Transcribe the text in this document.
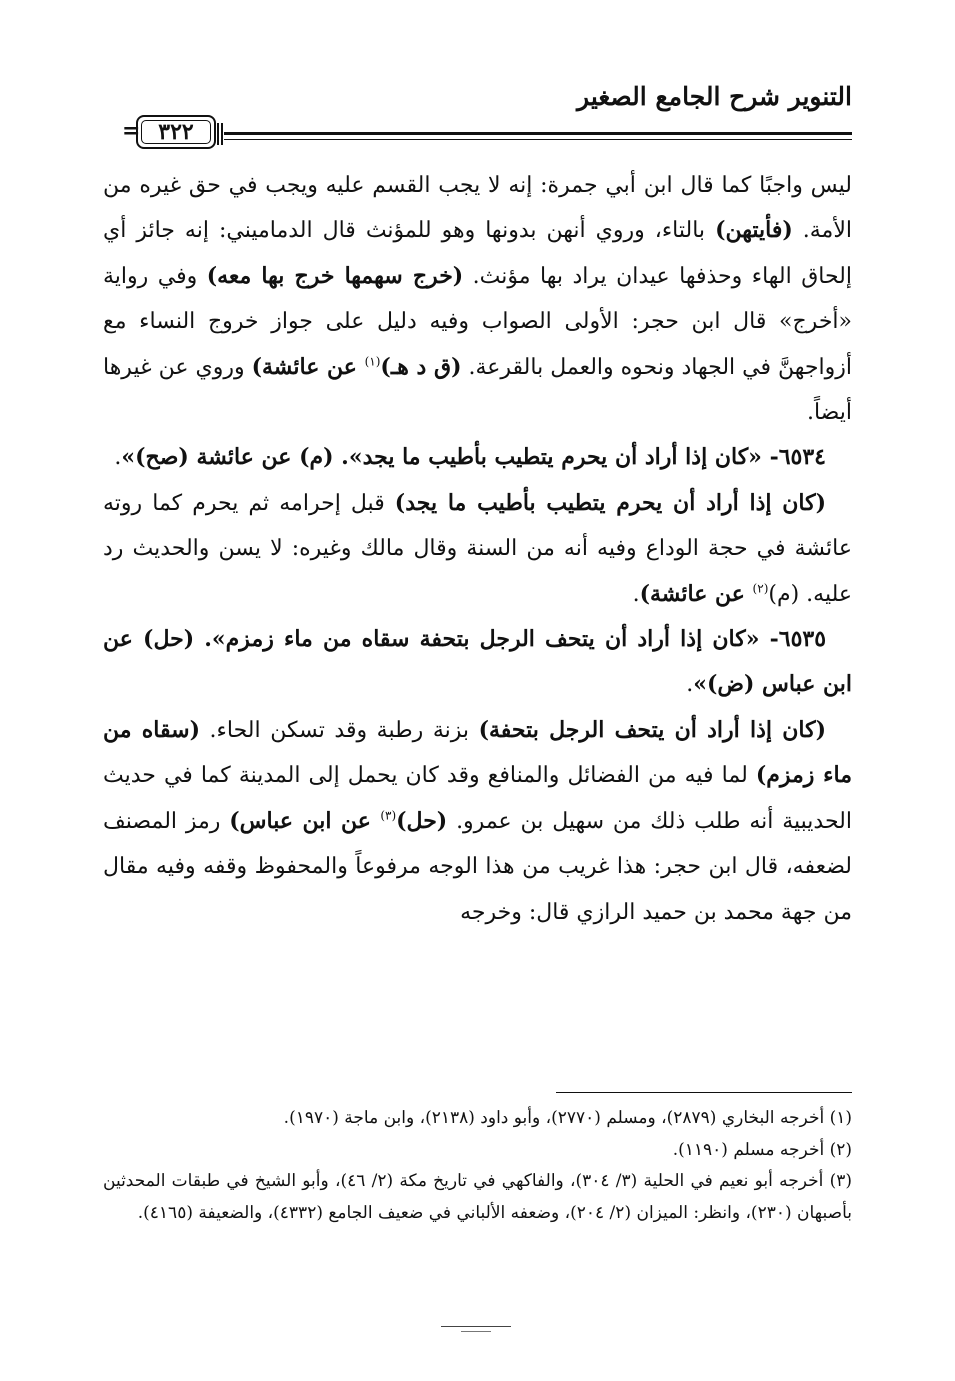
التنوير شرح الجامع الصغير
٣٢٢
=

ليس واجبًا كما قال ابن أبي جمرة: إنه لا يجب القسم عليه ويجب في حق غيره من الأمة. (فأيتهن) بالتاء، وروي أنهن بدونها وهو للمؤنث قال الدماميني: إنه جائز أي إلحاق الهاء وحذفها عيدان يراد بها مؤنث. (خرج سهمها خرج بها معه) وفي رواية «أخرج» قال ابن حجر: الأولى الصواب وفيه دليل على جواز خروج النساء مع أزواجهنَّ في الجهاد ونحوه والعمل بالقرعة. (ق د هـ)$^{(١)}$ عن عائشة) وروي عن غيرها أيضاً.

٦٥٣٤- «كان إذا أراد أن يحرم يتطيب بأطيب ما يجد». (م) عن عائشة (صح)».

(كان إذا أراد أن يحرم يتطيب بأطيب ما يجد) قبل إحرامه ثم يحرم كما روته عائشة في حجة الوداع وفيه أنه من السنة وقال مالك وغيره: لا يسن والحديث رد عليه. (م)$^{(٢)}$ عن عائشة).

٦٥٣٥- «كان إذا أراد أن يتحف الرجل بتحفة سقاه من ماء زمزم». (حل) عن ابن عباس (ض)».

(كان إذا أراد أن يتحف الرجل بتحفة) بزنة رطبة وقد تسكن الحاء. (سقاه من ماء زمزم) لما فيه من الفضائل والمنافع وقد كان يحمل إلى المدينة كما في حديث الحديبية أنه طلب ذلك من سهيل بن عمرو. (حل)$^{(٣)}$ عن ابن عباس) رمز المصنف لضعفه، قال ابن حجر: هذا غريب من هذا الوجه مرفوعاً والمحفوظ وقفه وفيه مقال من جهة محمد بن حميد الرازي قال: وخرجه

(١) أخرجه البخاري (٢٨٧٩)، ومسلم (٢٧٧٠)، وأبو داود (٢١٣٨)، وابن ماجة (١٩٧٠).

(٢) أخرجه مسلم (١١٩٠).

(٣) أخرجه أبو نعيم في الحلية (٣/ ٣٠٤)، والفاكهي في تاريخ مكة (٢/ ٤٦)، وأبو الشيخ في طبقات المحدثين بأصبهان (٢٣٠)، وانظر: الميزان (٢/ ٢٠٤)، وضعفه الألباني في ضعيف الجامع (٤٣٣٢)، والضعيفة (٤١٦٥).
